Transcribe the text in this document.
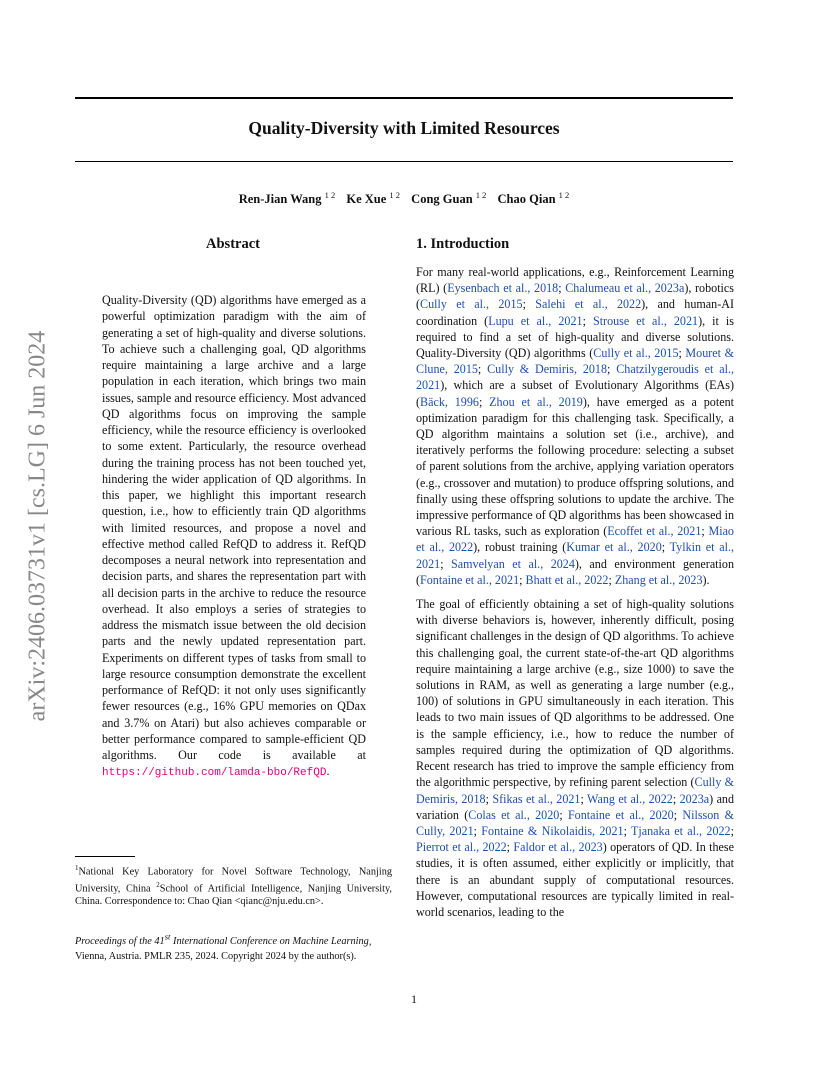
Quality-Diversity with Limited Resources
Ren-Jian Wang $^{1 2}$ Ke Xue $^{1 2}$ Cong Guan $^{1 2}$ Chao Qian $^{1 2}$
arXiv:2406.03731v1 [cs.LG] 6 Jun 2024
Abstract
Quality-Diversity (QD) algorithms have emerged as a powerful optimization paradigm with the aim of generating a set of high-quality and diverse solutions. To achieve such a challenging goal, QD algorithms require maintaining a large archive and a large population in each iteration, which brings two main issues, sample and resource efficiency. Most advanced QD algorithms focus on improving the sample efficiency, while the resource efficiency is overlooked to some extent. Particularly, the resource overhead during the training process has not been touched yet, hindering the wider application of QD algorithms. In this paper, we highlight this important research question, i.e., how to efficiently train QD algorithms with limited resources, and propose a novel and effective method called RefQD to address it. RefQD decomposes a neural network into representation and decision parts, and shares the representation part with all decision parts in the archive to reduce the resource overhead. It also employs a series of strategies to address the mismatch issue between the old decision parts and the newly updated representation part. Experiments on different types of tasks from small to large resource consumption demonstrate the excellent performance of RefQD: it not only uses significantly fewer resources (e.g., 16% GPU memories on QDax and 3.7% on Atari) but also achieves comparable or better performance compared to sample-efficient QD algorithms. Our code is available at https://github.com/lamda-bbo/RefQD.
$^1$National Key Laboratory for Novel Software Technology, Nanjing University, China $^2$School of Artificial Intelligence, Nanjing University, China. Correspondence to: Chao Qian <qianc@nju.edu.cn>.
Proceedings of the 41st International Conference on Machine Learning, Vienna, Austria. PMLR 235, 2024. Copyright 2024 by the author(s).
1. Introduction

For many real-world applications, e.g., Reinforcement Learning (RL) (Eysenbach et al., 2018; Chalumeau et al., 2023a), robotics (Cully et al., 2015; Salehi et al., 2022), and human-AI coordination (Lupu et al., 2021; Strouse et al., 2021), it is required to find a set of high-quality and diverse solutions. Quality-Diversity (QD) algorithms (Cully et al., 2015; Mouret & Clune, 2015; Cully & Demiris, 2018; Chatzilygeroudis et al., 2021), which are a subset of Evolutionary Algorithms (EAs) (Bäck, 1996; Zhou et al., 2019), have emerged as a potent optimization paradigm for this challenging task. Specifically, a QD algorithm maintains a solution set (i.e., archive), and iteratively performs the following procedure: selecting a subset of parent solutions from the archive, applying variation operators (e.g., crossover and mutation) to produce offspring solutions, and finally using these offspring solutions to update the archive. The impressive performance of QD algorithms has been showcased in various RL tasks, such as exploration (Ecoffet et al., 2021; Miao et al., 2022), robust training (Kumar et al., 2020; Tylkin et al., 2021; Samvelyan et al., 2024), and environment generation (Fontaine et al., 2021; Bhatt et al., 2022; Zhang et al., 2023).

The goal of efficiently obtaining a set of high-quality solutions with diverse behaviors is, however, inherently difficult, posing significant challenges in the design of QD algorithms. To achieve this challenging goal, the current state-of-the-art QD algorithms require maintaining a large archive (e.g., size 1000) to save the solutions in RAM, as well as generating a large number (e.g., 100) of solutions in GPU simultaneously in each iteration. This leads to two main issues of QD algorithms to be addressed. One is the sample efficiency, i.e., how to reduce the number of samples required during the optimization of QD algorithms. Recent research has tried to improve the sample efficiency from the algorithmic perspective, by refining parent selection (Cully & Demiris, 2018; Sfikas et al., 2021; Wang et al., 2022; 2023a) and variation (Colas et al., 2020; Fontaine et al., 2020; Nilsson & Cully, 2021; Fontaine & Nikolaidis, 2021; Tjanaka et al., 2022; Pierrot et al., 2022; Faldor et al., 2023) operators of QD. In these studies, it is often assumed, either explicitly or implicitly, that there is an abundant supply of computational resources. However, computational resources are typically limited in real-world scenarios, leading to the

1
